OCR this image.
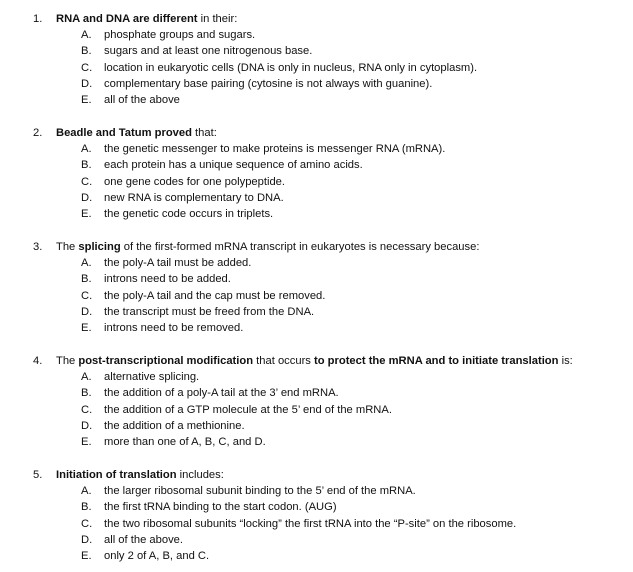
1. RNA and DNA are different in their:
A. phosphate groups and sugars.
B. sugars and at least one nitrogenous base.
C. location in eukaryotic cells (DNA is only in nucleus, RNA only in cytoplasm).
D. complementary base pairing (cytosine is not always with guanine).
E. all of the above
2. Beadle and Tatum proved that:
A. the genetic messenger to make proteins is messenger RNA (mRNA).
B. each protein has a unique sequence of amino acids.
C. one gene codes for one polypeptide.
D. new RNA is complementary to DNA.
E. the genetic code occurs in triplets.
3. The splicing of the first-formed mRNA transcript in eukaryotes is necessary because:
A. the poly-A tail must be added.
B. introns need to be added.
C. the poly-A tail and the cap must be removed.
D. the transcript must be freed from the DNA.
E. introns need to be removed.
4. The post-transcriptional modification that occurs to protect the mRNA and to initiate translation is:
A. alternative splicing.
B. the addition of a poly-A tail at the 3’ end mRNA.
C. the addition of a GTP molecule at the 5’ end of the mRNA.
D. the addition of a methionine.
E. more than one of A, B, C, and D.
5. Initiation of translation includes:
A. the larger ribosomal subunit binding to the 5’ end of the mRNA.
B. the first tRNA binding to the start codon. (AUG)
C. the two ribosomal subunits “locking” the first tRNA into the “P-site” on the ribosome.
D. all of the above.
E. only 2 of A, B, and C.
